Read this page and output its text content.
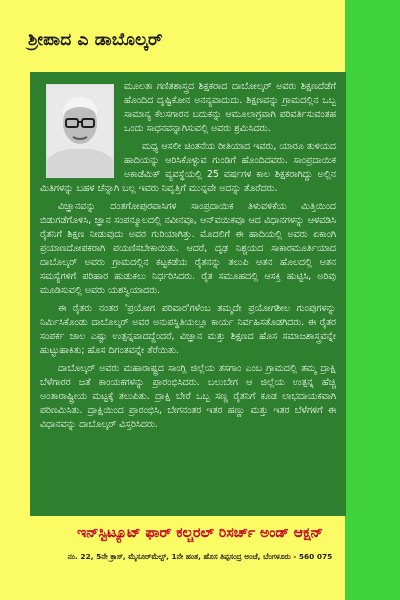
ಶ್ರೀಪಾದ ಎ ಡಾಬೊಲ್ಕರ್

ಮೂಲತಃ ಗಣಿತಶಾಸ್ತ್ರದ ಶಿಕ್ಷಕರಾದ ದಾಬೋಲ್ಕರ್ ಅವರು ಶಿಕ್ಷಣದೆಡೆಗೆ ಹೊಂದಿದ ದೃಷ್ಟಿಕೋನ ಅನನ್ಯವಾದುದು. ಶಿಕ್ಷಣವನ್ನು ಗ್ರಾಮದಲ್ಲಿನ ಒಬ್ಬ ಸಾಮಾನ್ಯ ಕೆಲಸಗಾರನ ಬದುಕನ್ನು ಆಮೂಲಾಗ್ರವಾಗಿ ಪರಿವರ್ತಿಸುವಂತಹ ಒಂದು ಸಾಧನವನ್ನಾಗಿಸುವಲ್ಲಿ ಅವರು ಶ್ರಮಿಸಿದರು.

ಮಧ್ಯ ಆಸಲೀ ಚಿಂತನೆಯ ರೀತಿಯಾದ ಇವರು, ಯಾರೂ ತುಳಿಯದ ಹಾದಿಯನ್ನು ಆರಿಸಿಕೊಳ್ಳುವ ಗುಂಡಿಗೆ ಹೊಂದಿದವರು. ಸಾಂಪ್ರದಾಯಿಕ ಅಕಾಡೆಮಿಕ್ ವ್ಯವಸ್ಥೆಯಲ್ಲಿ 25 ವರ್ಷಗಳ ಕಾಲ ಶಿಕ್ಷಕರಾಗಿದ್ದು ಅಲ್ಲಿನ ಮಿತಿಗಳನ್ನು ಬಹಳ ಚೆನ್ನಾಗಿ ಬಲ್ಲ ಇವರು ನಿವೃತ್ತಿಗೆ ಮುನ್ನವೇ ಅದನ್ನು ತೊರೆದರು.

ವಿಜ್ಞಾನವನ್ನು ದಂತಗೋಪುರವಾಸಿಗಳ ಸಾಂಪ್ರದಾಯಿಕ ತಿಳುವಳಿಕೆಯ ಮಿತ್ತಿಯಿಂದ ಬಿಡುಗಡೆಗೊಳಿಸಿ, ಜ್ಞಾನ ಸಂಪನ್ಮೂಲದಲ್ಲಿ ನವೀನವೂ, ಆನ್‌ವಯಿಕವೂ ಆದ ವಿಧಾನಗಳನ್ನು ಆಳವಡಿಸಿ ರೈತನಿಗೆ ಶಿಕ್ಷಣ ನೀಡುವುದು ಅವರ ಗುರಿಯಾಗಿತ್ತು. ಮೊದಲಿಗೆ ಈ ಹಾದಿಯಲ್ಲಿ ಅವರು ಏಕಾಂಗಿ ಪ್ರಯಾಣದೋಪಕರಾಗಿ ಪಯಣಿಸಬೇಕಾಯಿತು. ಆದರೆ, ದೃಢ ನಿಶ್ಚಯದ ಸಾಕಾರಮೂರ್ತಿಯಾದ ದಾಬೊಲ್ಕರ್ ಅವರು ಗ್ರಾಮದಲ್ಲಿನ ಕಟ್ಟಕಡೆಯ ರೈತನನ್ನು ತಲುಪಿ ಆತನ ಹೊಲದಲ್ಲಿ ಆತನ ಸಮಸ್ಯೆಗಳಿಗೆ ಪರಿಹಾರ ಹುಡುಕಲು ನಿರ್ಧರಿಸಿದರು. ರೈತ ಸಮೂಹದಲ್ಲಿ ಆಸಕ್ತಿ ಹುಟ್ಟಿಸಿ, ಅರಿವು ಮೂಡಿಸುವಲ್ಲಿ ಅವರು ಯಶಸ್ವಿಯಾದರು.

ಈ ರೈತರು ನಂತರ 'ಪ್ರಯೋಗ ಪರಿವಾರ'ಗಳೆಂಬ ತಮ್ಮದೇ ಪ್ರಯೋಗಶೀಲ ಗುಂಪುಗಳನ್ನು ನಿರ್ಮಿಸಿಕೊಂಡು ದಾಬೊಲ್ಕರ್ ಅವರ ಅನುಪಸ್ಥಿತಿಯಲ್ಲೂ ಕಾರ್ಯ ನಿರ್ವಹಿಸತೊಡಗಿದರು. ಈ ರೈತರ ಸಂಪರ್ಕ ಜಾಲ ಎಷ್ಟು ಉತ್ಪನ್ನವಾದದ್ದೆಂದರೆ, ವಿಜ್ಞಾನ ಮತ್ತು ಶಿಕ್ಷಣದ ಹೊಸ ಸಮಾಜಶಾಸ್ತ್ರವನ್ನೇ ಹುಟ್ಟುಹಾಕಿತು; ಹೊಸ ದಿಗಂತವನ್ನೇ ತೆರೆಯಿತು.

ದಾಬೊಲ್ಕರ್ ಅವರು ಮಹಾರಾಷ್ಟ್ರದ ಸಾಂಗ್ಲಿ ಜಿಲ್ಲೆಯ ತಸಗಾಂ ಎಂಬ ಗ್ರಾಮದಲ್ಲಿ ತಮ್ಮ ದ್ರಾಕ್ಷಿ ಬೆಳೆಗಾರರ ಜತೆ ಕಾಂಯಕಗಳನ್ನು ಪ್ರಾರಂಭಿಸಿದರು. ಬಲುಬೇಗ ಆ ಜಿಲ್ಲೆಯ ಉತ್ಪನ್ನ ಹೆಚ್ಚಿ ಅಂತಾರಾಷ್ಟ್ರೀಯ ಮಟ್ಟಕ್ಕೆ ತಲುಪಿತು. ದ್ರಾಕ್ಷಿ ಬೇರೆ ಒಬ್ಬ ಸಣ್ಣ ರೈತನಿಗೆ ಕೂಡ ಲಾಭದಾಯಕವಾಗಿ ಪರಿಣಮಿಸಿತು. ದ್ರಾಕ್ಷಿಯಿಂದ ಪ್ರಾರಂಭಿಸಿ, ಬೇಗನಂತರ ಇತರ ಹಣ್ಣು ಮತ್ತು ಇತರ ಬೆಳೆಗಳಿಗೆ ಈ ವಿಧಾನವನ್ನು ದಾಬೊಲ್ಕರ್ ವಿಸ್ತರಿಸಿದರು.

ಇನ್‌ಸ್ಟಿಟ್ಯೂಟ್ ಫಾರ್ ಕಲ್ಚರಲ್ ರಿಸರ್ಚ್ ಅಂಡ್ ಆಕ್ಷನ್
ನಂ. 22, 5ನೇ ಕ್ರಾಸ್, ಮೈಸೂರ್‌ಮೆಲ್ಟ್, 1ನೇ ಹಂತ, ಹೊಸ ತಿಪ್ಪಸಂದ್ರ ಅಂಚೆ, ಬೆಂಗಳೂರು - 560 075
